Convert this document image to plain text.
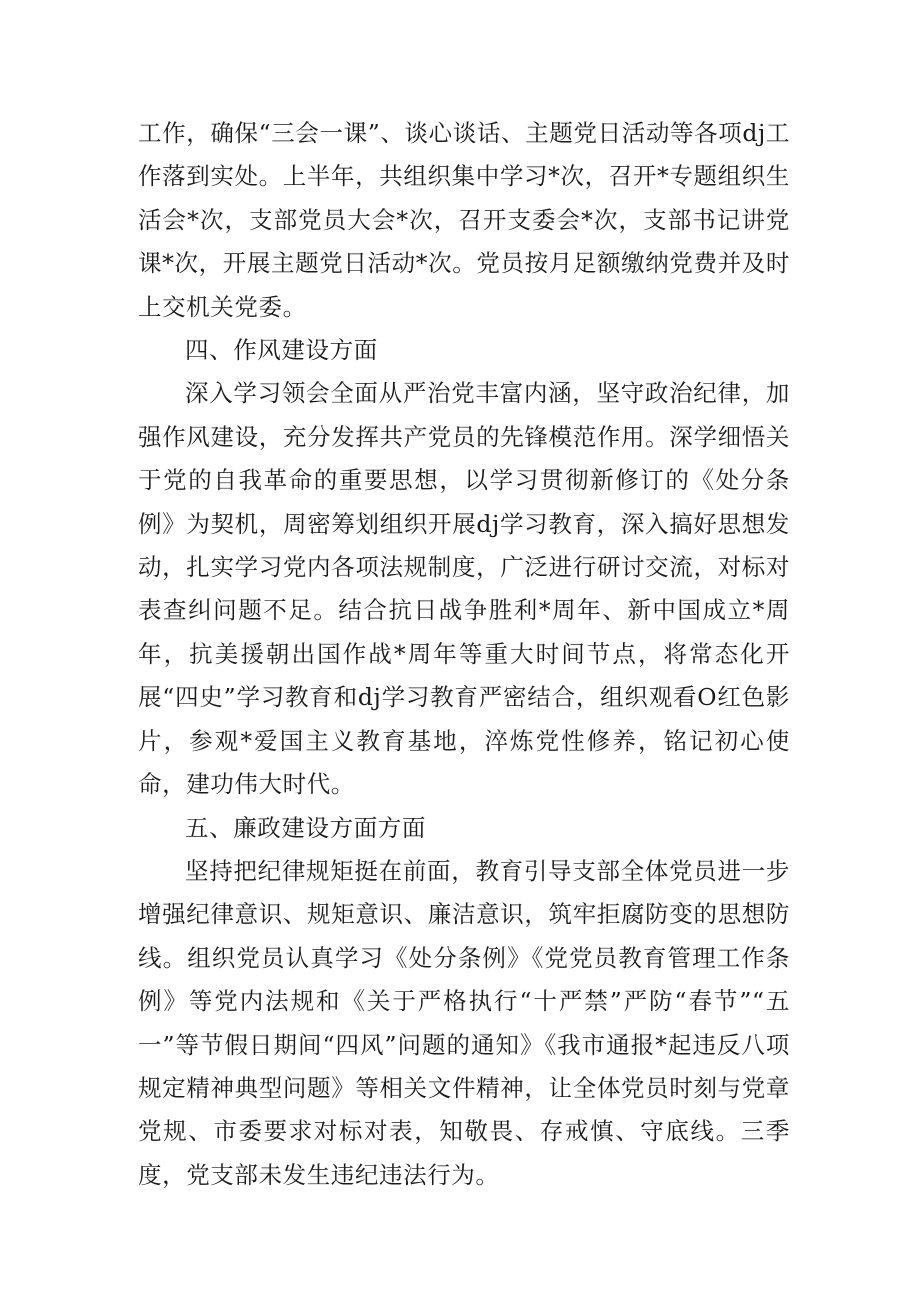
工作，确保“三会一课”、谈心谈话、主题党日活动等各项dj工作落到实处。上半年，共组织集中学习*次，召开*专题组织生活会*次，支部党员大会*次，召开支委会*次，支部书记讲党课*次，开展主题党日活动*次。党员按月足额缴纳党费并及时上交机关党委。

四、作风建设方面

深入学习领会全面从严治党丰富内涵，坚守政治纪律，加强作风建设，充分发挥共产党员的先锋模范作用。深学细悟关于党的自我革命的重要思想，以学习贯彻新修订的《处分条例》为契机，周密筹划组织开展dj学习教育，深入搞好思想发动，扎实学习党内各项法规制度，广泛进行研讨交流，对标对表查纠问题不足。结合抗日战争胜利*周年、新中国成立*周年，抗美援朝出国作战*周年等重大时间节点，将常态化开展“四史”学习教育和dj学习教育严密结合，组织观看O红色影片，参观*爱国主义教育基地，淬炼党性修养，铭记初心使命，建功伟大时代。

五、廉政建设方面方面

坚持把纪律规矩挺在前面，教育引导支部全体党员进一步增强纪律意识、规矩意识、廉洁意识，筑牢拒腐防变的思想防线。组织党员认真学习《处分条例》《党党员教育管理工作条例》等党内法规和《关于严格执行“十严禁”严防“春节”“五一”等节假日期间“四风”问题的通知》《我市通报*起违反八项规定精神典型问题》等相关文件精神，让全体党员时刻与党章党规、市委要求对标对表，知敬畏、存戒慎、守底线。三季度，党支部未发生违纪违法行为。
